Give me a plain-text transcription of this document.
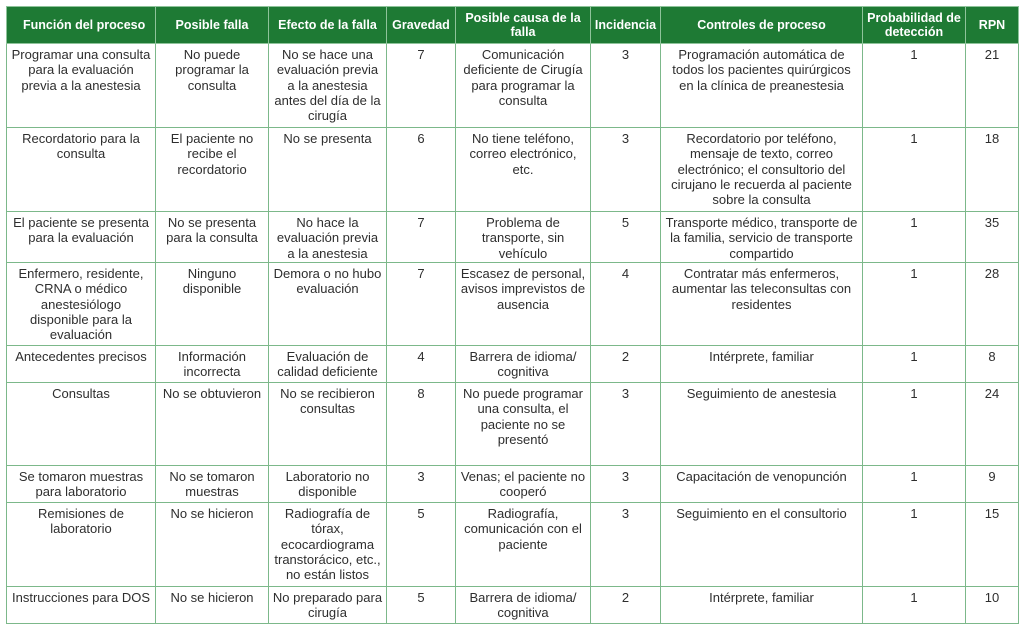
Función del proceso	Posible falla	Efecto de la falla	Gravedad	Posible causa de la falla	Incidencia	Controles de proceso	Probabilidad de detección	RPN
Programar una consulta para la evaluación previa a la anestesia	No puede programar la consulta	No se hace una evaluación previa a la anestesia antes del día de la cirugía	7	Comunicación deficiente de Cirugía para programar la consulta	3	Programación automática de todos los pacientes quirúrgicos en la clínica de preanestesia	1	21
Recordatorio para la consulta	El paciente no recibe el recordatorio	No se presenta	6	No tiene teléfono, correo electrónico, etc.	3	Recordatorio por teléfono, mensaje de texto, correo electrónico; el consultorio del cirujano le recuerda al paciente sobre la consulta	1	18
El paciente se presenta para la evaluación	No se presenta para la consulta	No hace la evaluación previa a la anestesia	7	Problema de transporte, sin vehículo	5	Transporte médico, transporte de la familia, servicio de transporte compartido	1	35
Enfermero, residente, CRNA o médico anestesiólogo disponible para la evaluación	Ninguno disponible	Demora o no hubo evaluación	7	Escasez de personal, avisos imprevistos de ausencia	4	Contratar más enfermeros, aumentar las teleconsultas con residentes	1	28
Antecedentes precisos	Información incorrecta	Evaluación de calidad deficiente	4	Barrera de idioma/ cognitiva	2	Intérprete, familiar	1	8
Consultas	No se obtuvieron	No se recibieron consultas	8	No puede programar una consulta, el paciente no se presentó	3	Seguimiento de anestesia	1	24
Se tomaron muestras para laboratorio	No se tomaron muestras	Laboratorio no disponible	3	Venas; el paciente no cooperó	3	Capacitación de venopunción	1	9
Remisiones de laboratorio	No se hicieron	Radiografía de tórax, ecocardiograma transtorácico, etc., no están listos	5	Radiografía, comunicación con el paciente	3	Seguimiento en el consultorio	1	15
Instrucciones para DOS	No se hicieron	No preparado para cirugía	5	Barrera de idioma/ cognitiva	2	Intérprete, familiar	1	10
